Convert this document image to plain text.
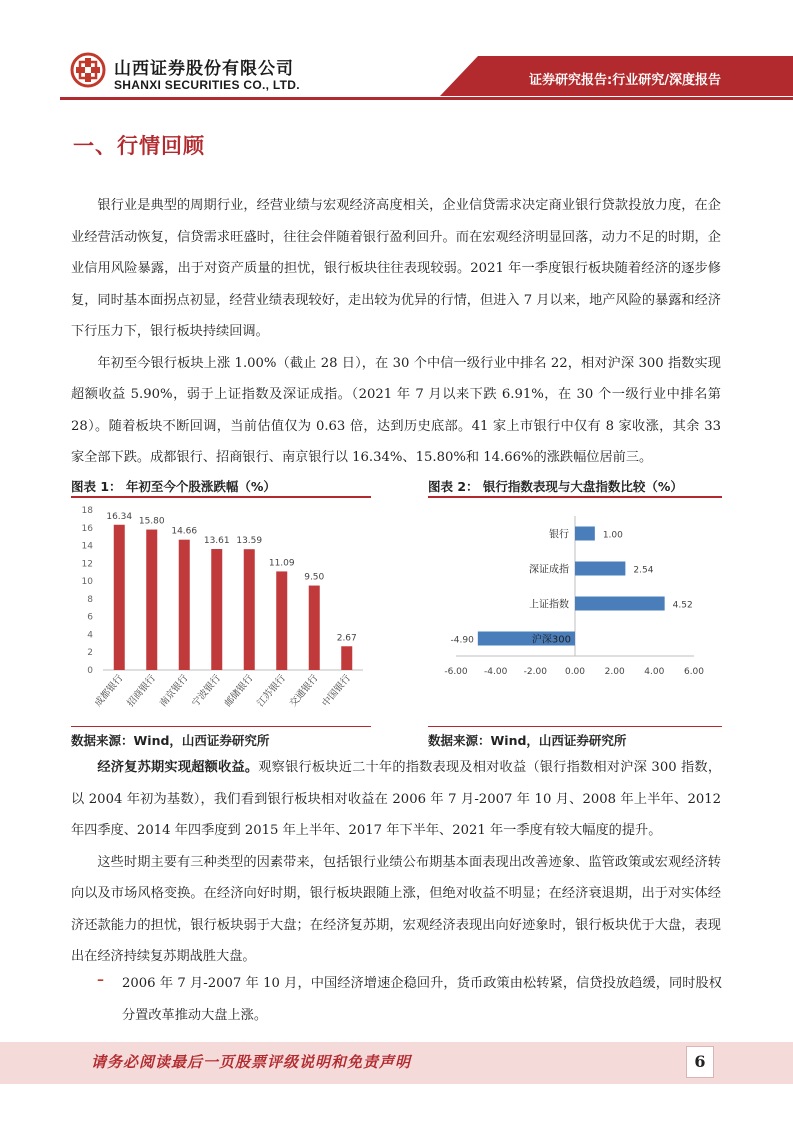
山西证券股份有限公司
SHANXI SECURITIES CO., LTD.	证券研究报告:行业研究/深度报告
一、行情回顾

银行业是典型的周期行业，经营业绩与宏观经济高度相关，企业信贷需求决定商业银行贷款投放力度，在企业经营活动恢复，信贷需求旺盛时，往往会伴随着银行盈利回升。而在宏观经济明显回落，动力不足的时期，企业信用风险暴露，出于对资产质量的担忧，银行板块往往表现较弱。2021 年一季度银行板块随着经济的逐步修复，同时基本面拐点初显，经营业绩表现较好，走出较为优异的行情，但进入 7 月以来，地产风险的暴露和经济下行压力下，银行板块持续回调。

年初至今银行板块上涨 1.00%（截止 28 日），在 30 个中信一级行业中排名 22，相对沪深 300 指数实现超额收益 5.90%，弱于上证指数及深证成指。（2021 年 7 月以来下跌 6.91%，在 30 个一级行业中排名第 28）。随着板块不断回调，当前估值仅为 0.63 倍，达到历史底部。41 家上市银行中仅有 8 家收涨，其余 33 家全部下跌。成都银行、招商银行、南京银行以 16.34%、15.80%和 14.66%的涨跌幅位居前三。

图表 1： 年初至今个股涨跌幅（%）	图表 2： 银行指数表现与大盘指数比较（%）
0
2
4
6
8
10
12
14
16
18
16.34
成都银行
15.80
招商银行
14.66
南京银行
13.61
宁波银行
13.59
邮储银行
11.09
江苏银行
9.50
交通银行
2.67
中国银行
-6.00 -4.00 -2.00 0.00 2.00 4.00 6.00
银行	1.00
深证成指	2.54
上证指数	4.52
沪深300
-4.90
数据来源：Wind，山西证券研究所	数据来源：Wind，山西证券研究所

经济复苏期实现超额收益。观察银行板块近二十年的指数表现及相对收益（银行指数相对沪深 300 指数，以 2004 年初为基数），我们看到银行板块相对收益在 2006 年 7 月-2007 年 10 月、2008 年上半年、2012 年四季度、2014 年四季度到 2015 年上半年、2017 年下半年、2021 年一季度有较大幅度的提升。

这些时期主要有三种类型的因素带来，包括银行业绩公布期基本面表现出改善迹象、监管政策或宏观经济转向以及市场风格变换。在经济向好时期，银行板块跟随上涨，但绝对收益不明显；在经济衰退期，出于对实体经济还款能力的担忧，银行板块弱于大盘；在经济复苏期，宏观经济表现出向好迹象时，银行板块优于大盘，表现出在经济持续复苏期战胜大盘。

– 2006 年 7 月-2007 年 10 月，中国经济增速企稳回升，货币政策由松转紧，信贷投放趋缓，同时股权分置改革推动大盘上涨。
请务必阅读最后一页股票评级说明和免责声明	6
